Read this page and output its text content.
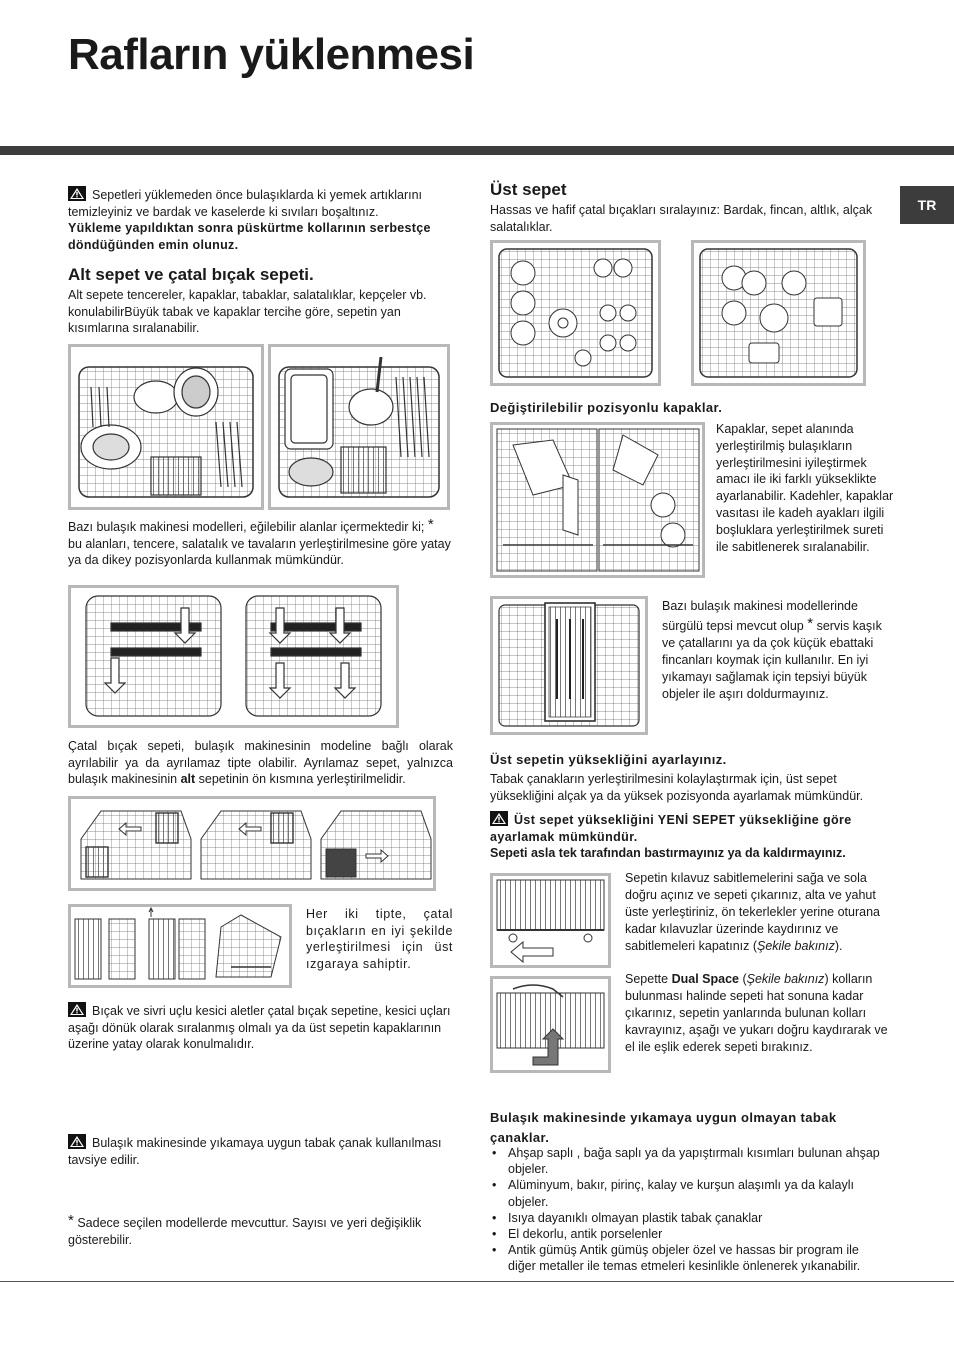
Rafların yüklenmesi
TR
Sepetleri yüklemeden önce bulaşıklarda ki yemek artıklarını temizleyiniz ve bardak ve kaselerde ki sıvıları boşaltınız.
Yükleme yapıldıktan sonra püskürtme kollarının serbestçe döndüğünden emin olunuz.
Alt sepet ve çatal bıçak sepeti.
Alt sepete tencereler, kapaklar, tabaklar, salatalıklar, kepçeler vb. konulabilirBüyük tabak ve kapaklar tercihe göre, sepetin yan kısımlarına sıralanabilir.
Bazı bulaşık makinesi modelleri, eğilebilir alanlar içermektedir ki; *
bu alanları, tencere, salatalık ve tavaların yerleştirilmesine göre yatay ya da dikey pozisyonlarda kullanmak mümkündür.
Çatal bıçak sepeti, bulaşık makinesinin modeline bağlı olarak ayrılabilir ya da ayrılamaz tipte olabilir. Ayrılamaz sepet, yalnızca bulaşık makinesinin alt sepetinin ön kısmına yerleştirilmelidir.
Her iki tipte, çatal bıçakların en iyi şekilde yerleştirilmesi için üst ızgaraya sahiptir.
Bıçak ve sivri uçlu kesici aletler çatal bıçak sepetine, kesici uçları aşağı dönük olarak sıralanmış olmalı ya da üst sepetin kapaklarının üzerine yatay olarak konulmalıdır.
Bulaşık makinesinde yıkamaya uygun tabak çanak kullanılması tavsiye edilir.
* Sadece seçilen modellerde mevcuttur. Sayısı ve yeri değişiklik gösterebilir.
Üst sepet
Hassas ve hafif çatal bıçakları sıralayınız: Bardak, fincan, altlık, alçak salatalıklar.
Değiştirilebilir pozisyonlu kapaklar.
Kapaklar, sepet alanında yerleştirilmiş bulaşıkların yerleştirilmesini iyileştirmek amacı ile iki farklı yükseklikte ayarlanabilir. Kadehler, kapaklar vasıtası ile kadeh ayakları ilgili boşluklara yerleştirilmek sureti ile sabitlenerek sıralanabilir.
Bazı bulaşık makinesi modellerinde sürgülü tepsi mevcut olup * servis kaşık ve çatallarını ya da çok küçük ebattaki fincanları koymak için kullanılır. En iyi yıkamayı sağlamak için tepsiyi büyük objeler ile aşırı doldurmayınız.
Üst sepetin yüksekliğini ayarlayınız.
Tabak çanakların yerleştirilmesini kolaylaştırmak için, üst sepet yüksekliğini alçak ya da yüksek pozisyonda ayarlamak mümkündür.
Üst sepet yüksekliğini YENİ SEPET yüksekliğine göre ayarlamak mümkündür.
Sepeti asla tek tarafından bastırmayınız ya da kaldırmayınız.
Sepetin kılavuz sabitlemelerini sağa ve sola doğru açınız ve sepeti çıkarınız, alta ve yahut üste yerleştiriniz, ön tekerlekler yerine oturana kadar kılavuzlar üzerinde kaydırınız ve sabitlemeleri kapatınız (Şekile bakınız).
Sepette Dual Space (Şekile bakınız) kolların bulunması halinde sepeti hat sonuna kadar çıkarınız, sepetin yanlarında bulunan kolları kavrayınız, aşağı ve yukarı doğru kaydırarak ve el ile eşlik ederek sepeti bırakınız.
Bulaşık makinesinde yıkamaya uygun olmayan tabak çanaklar.
• Ahşap saplı , bağa saplı ya da yapıştırmalı kısımları bulunan ahşap objeler.
• Alüminyum, bakır, pirinç, kalay ve kurşun alaşımlı ya da kalaylı objeler.
• Isıya dayanıklı olmayan plastik tabak çanaklar
• El dekorlu, antik porselenler
• Antik gümüş Antik gümüş objeler özel ve hassas bir program ile diğer metaller ile temas etmeleri kesinlikle önlenerek yıkanabilir.
